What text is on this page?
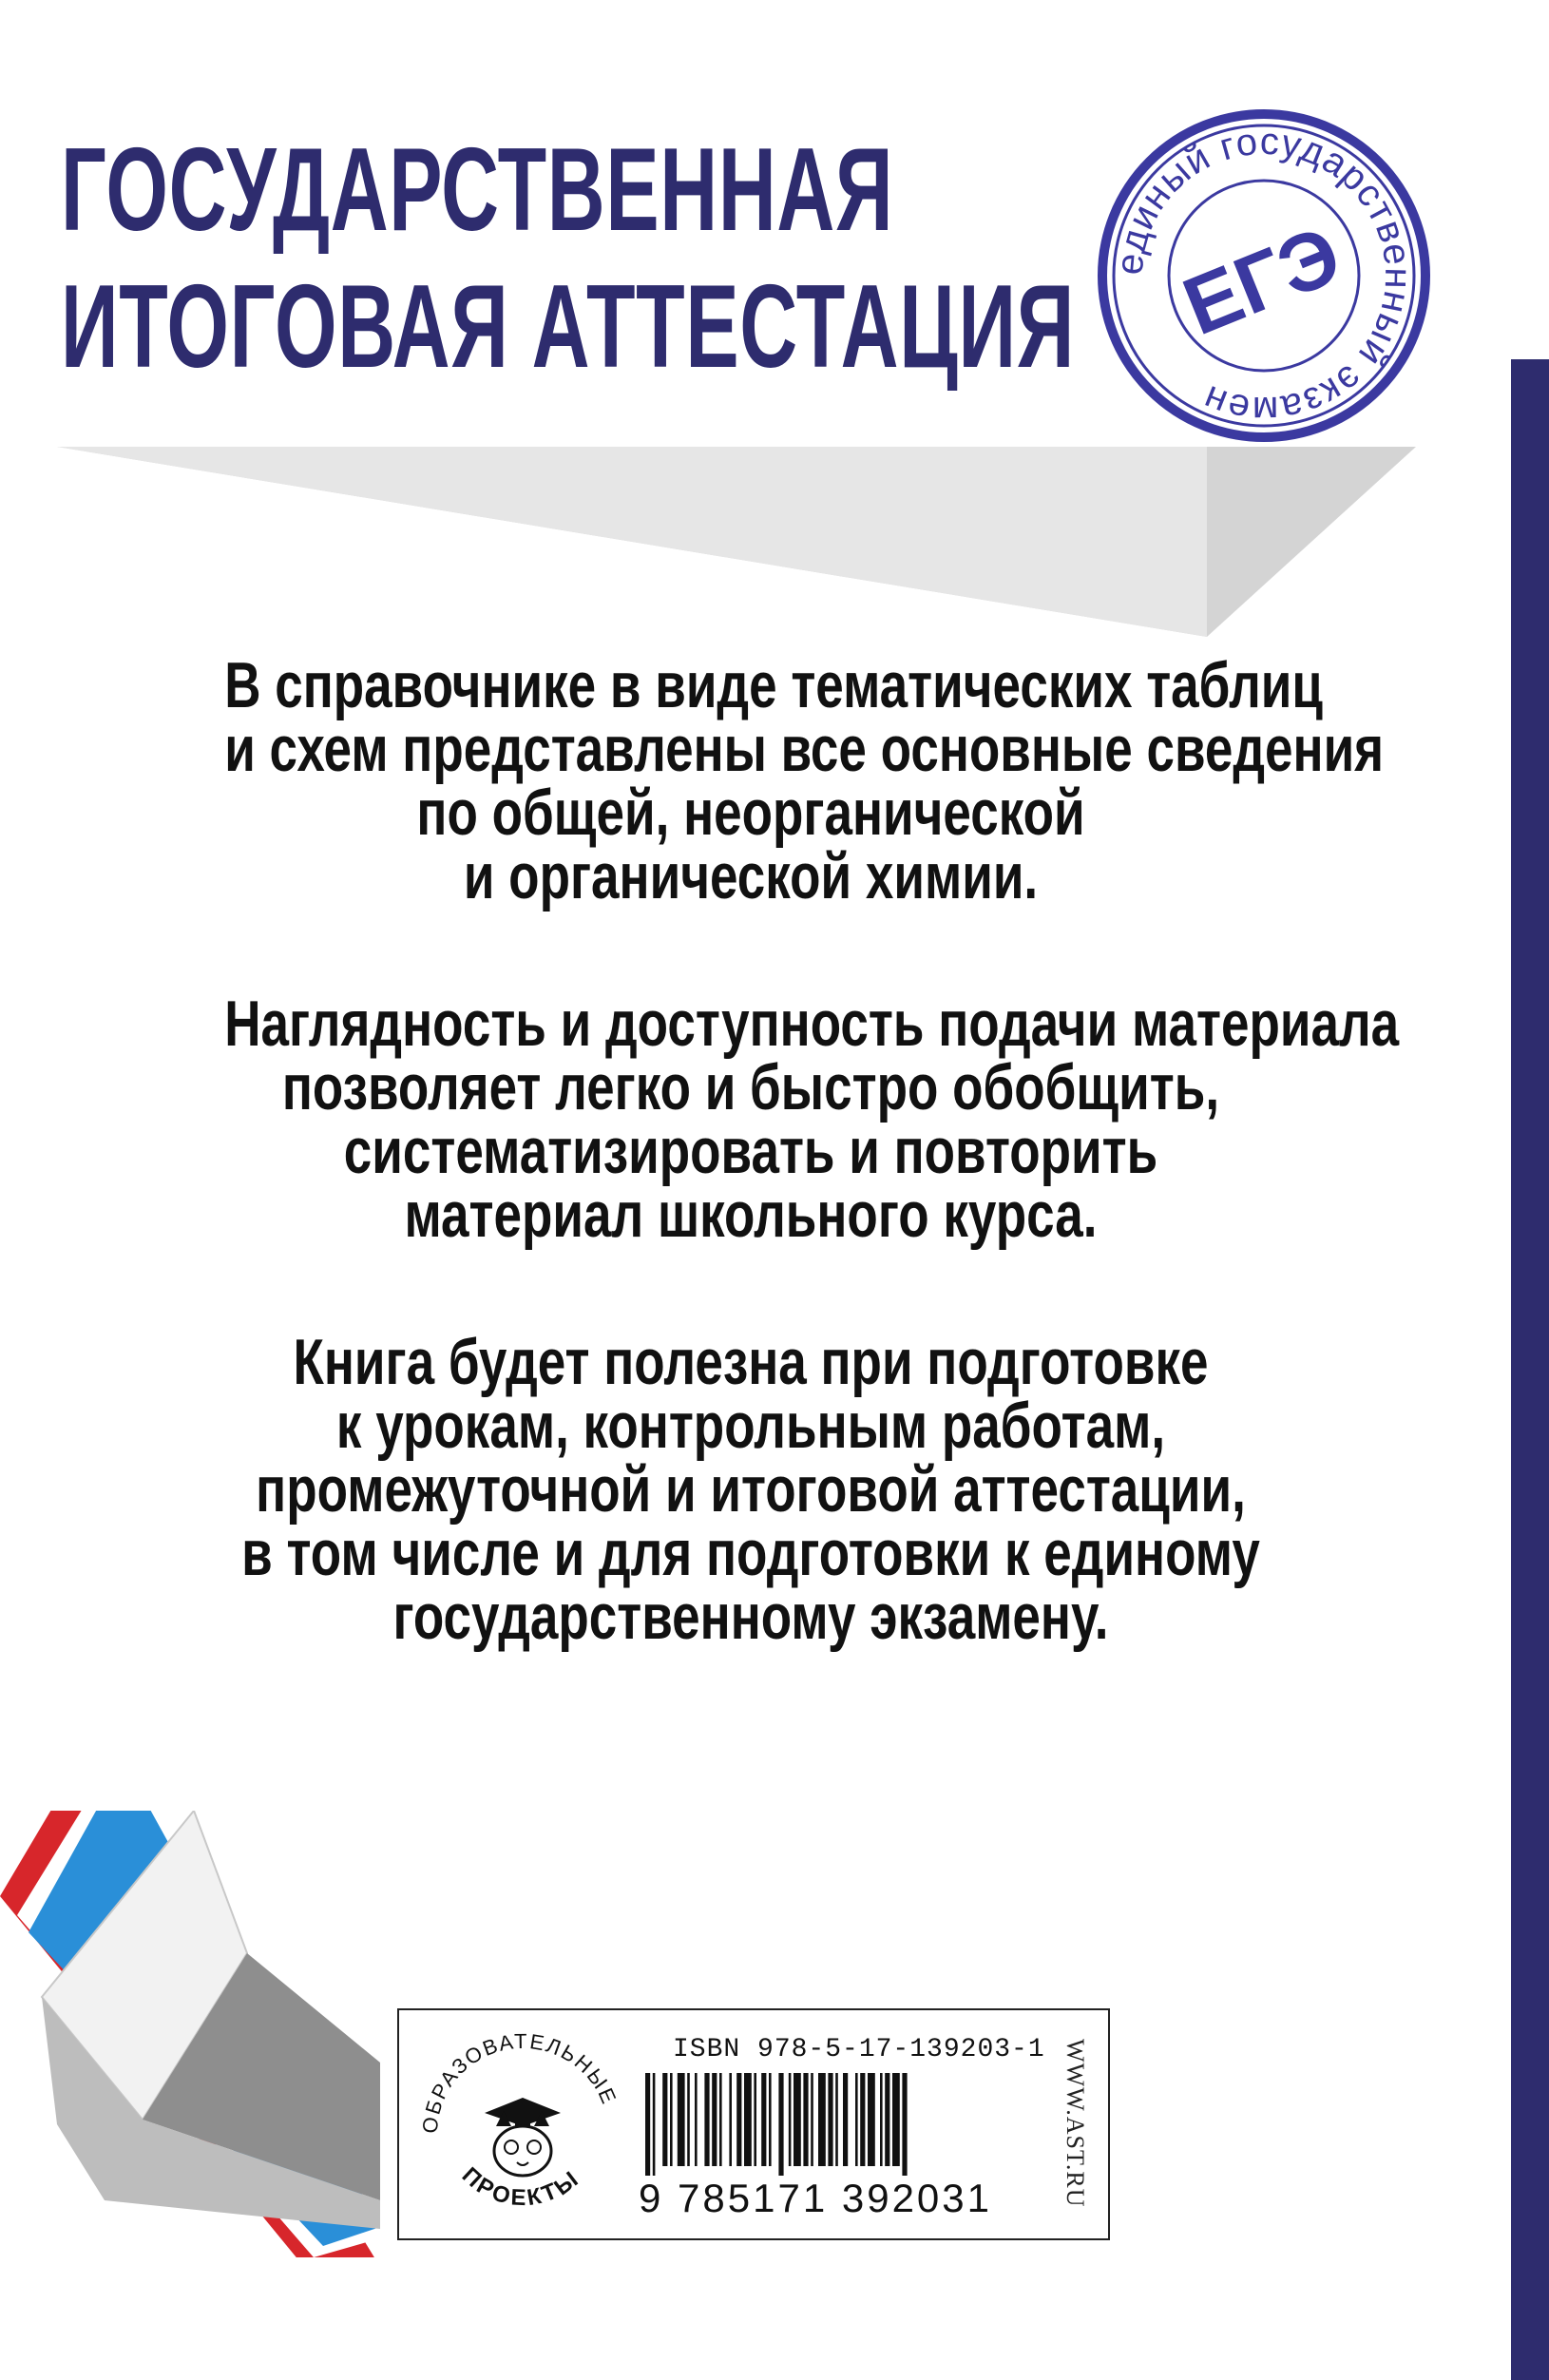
ГОСУДАРСТВЕННАЯ
ИТОГОВАЯ АТТЕСТАЦИЯ единый государственный экзамен
ЕГЭ
В справочнике в виде тематических таблиц
и схем представлены все основные сведения
по общей, неорганической
и органической химии.
Наглядность и доступность подачи материала
позволяет легко и быстро обобщить,
систематизировать и повторить
материал школьного курса.
Книга будет полезна при подготовке
к урокам, контрольным работам,
промежуточной и итоговой аттестации,
в том числе и для подготовки к единому
государственному экзамену.
ОБРАЗОВАТЕЛЬНЫЕ
ПРОЕКТЫ
ISBN 978-5-17-139203-1
9 785171 392031	WWW.AST.RU
